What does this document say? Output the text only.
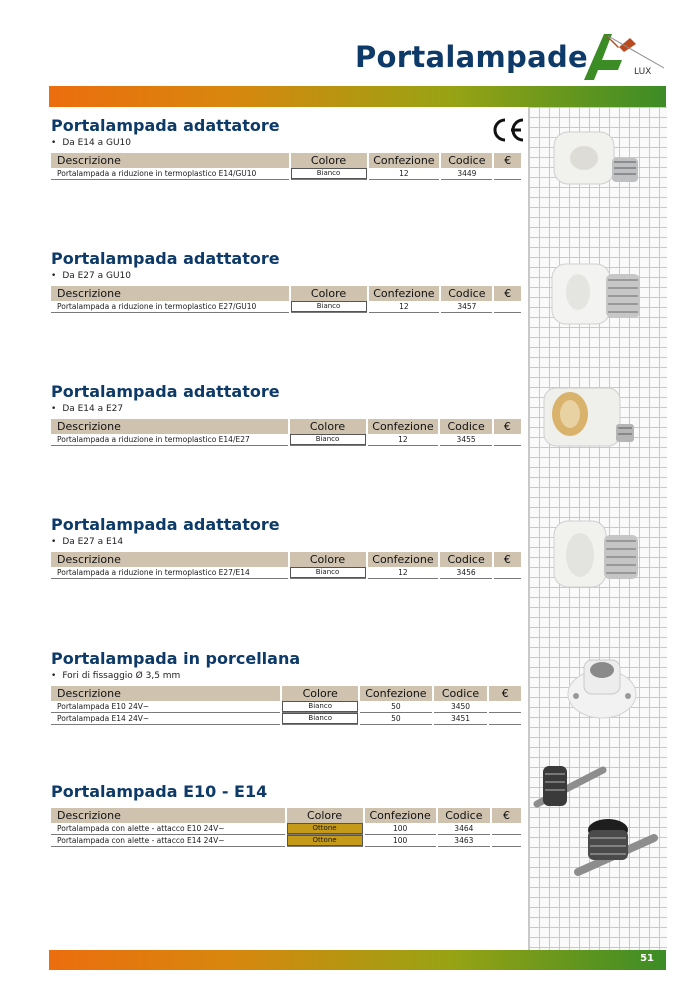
Portalampade	LUX
Portalampada adattatore
• Da E14 a GU10
Descrizione	Colore	Confezione	Codice	€
Portalampada a riduzione in termoplastico E14/GU10	Bianco	12	3449	
Portalampada adattatore
• Da E27 a GU10
Descrizione	Colore	Confezione	Codice	€
Portalampada a riduzione in termoplastico E27/GU10	Bianco	12	3457	
Portalampada adattatore
• Da E14 a E27
Descrizione	Colore	Confezione	Codice	€
Portalampada a riduzione in termoplastico E14/E27	Bianco	12	3455	
Portalampada adattatore
• Da E27 a E14
Descrizione	Colore	Confezione	Codice	€
Portalampada a riduzione in termoplastico E27/E14	Bianco	12	3456	
Portalampada in porcellana
• Fori di fissaggio Ø 3,5 mm
Descrizione	Colore	Confezione	Codice	€
Portalampada E10 24V~	Bianco	50	3450	
Portalampada E14 24V~	Bianco	50	3451	
Portalampada E10 - E14
Descrizione	Colore	Confezione	Codice	€
Portalampada con alette - attacco E10 24V~	Ottone	100	3464	
Portalampada con alette - attacco E14 24V~	Ottone	100	3463	
51
